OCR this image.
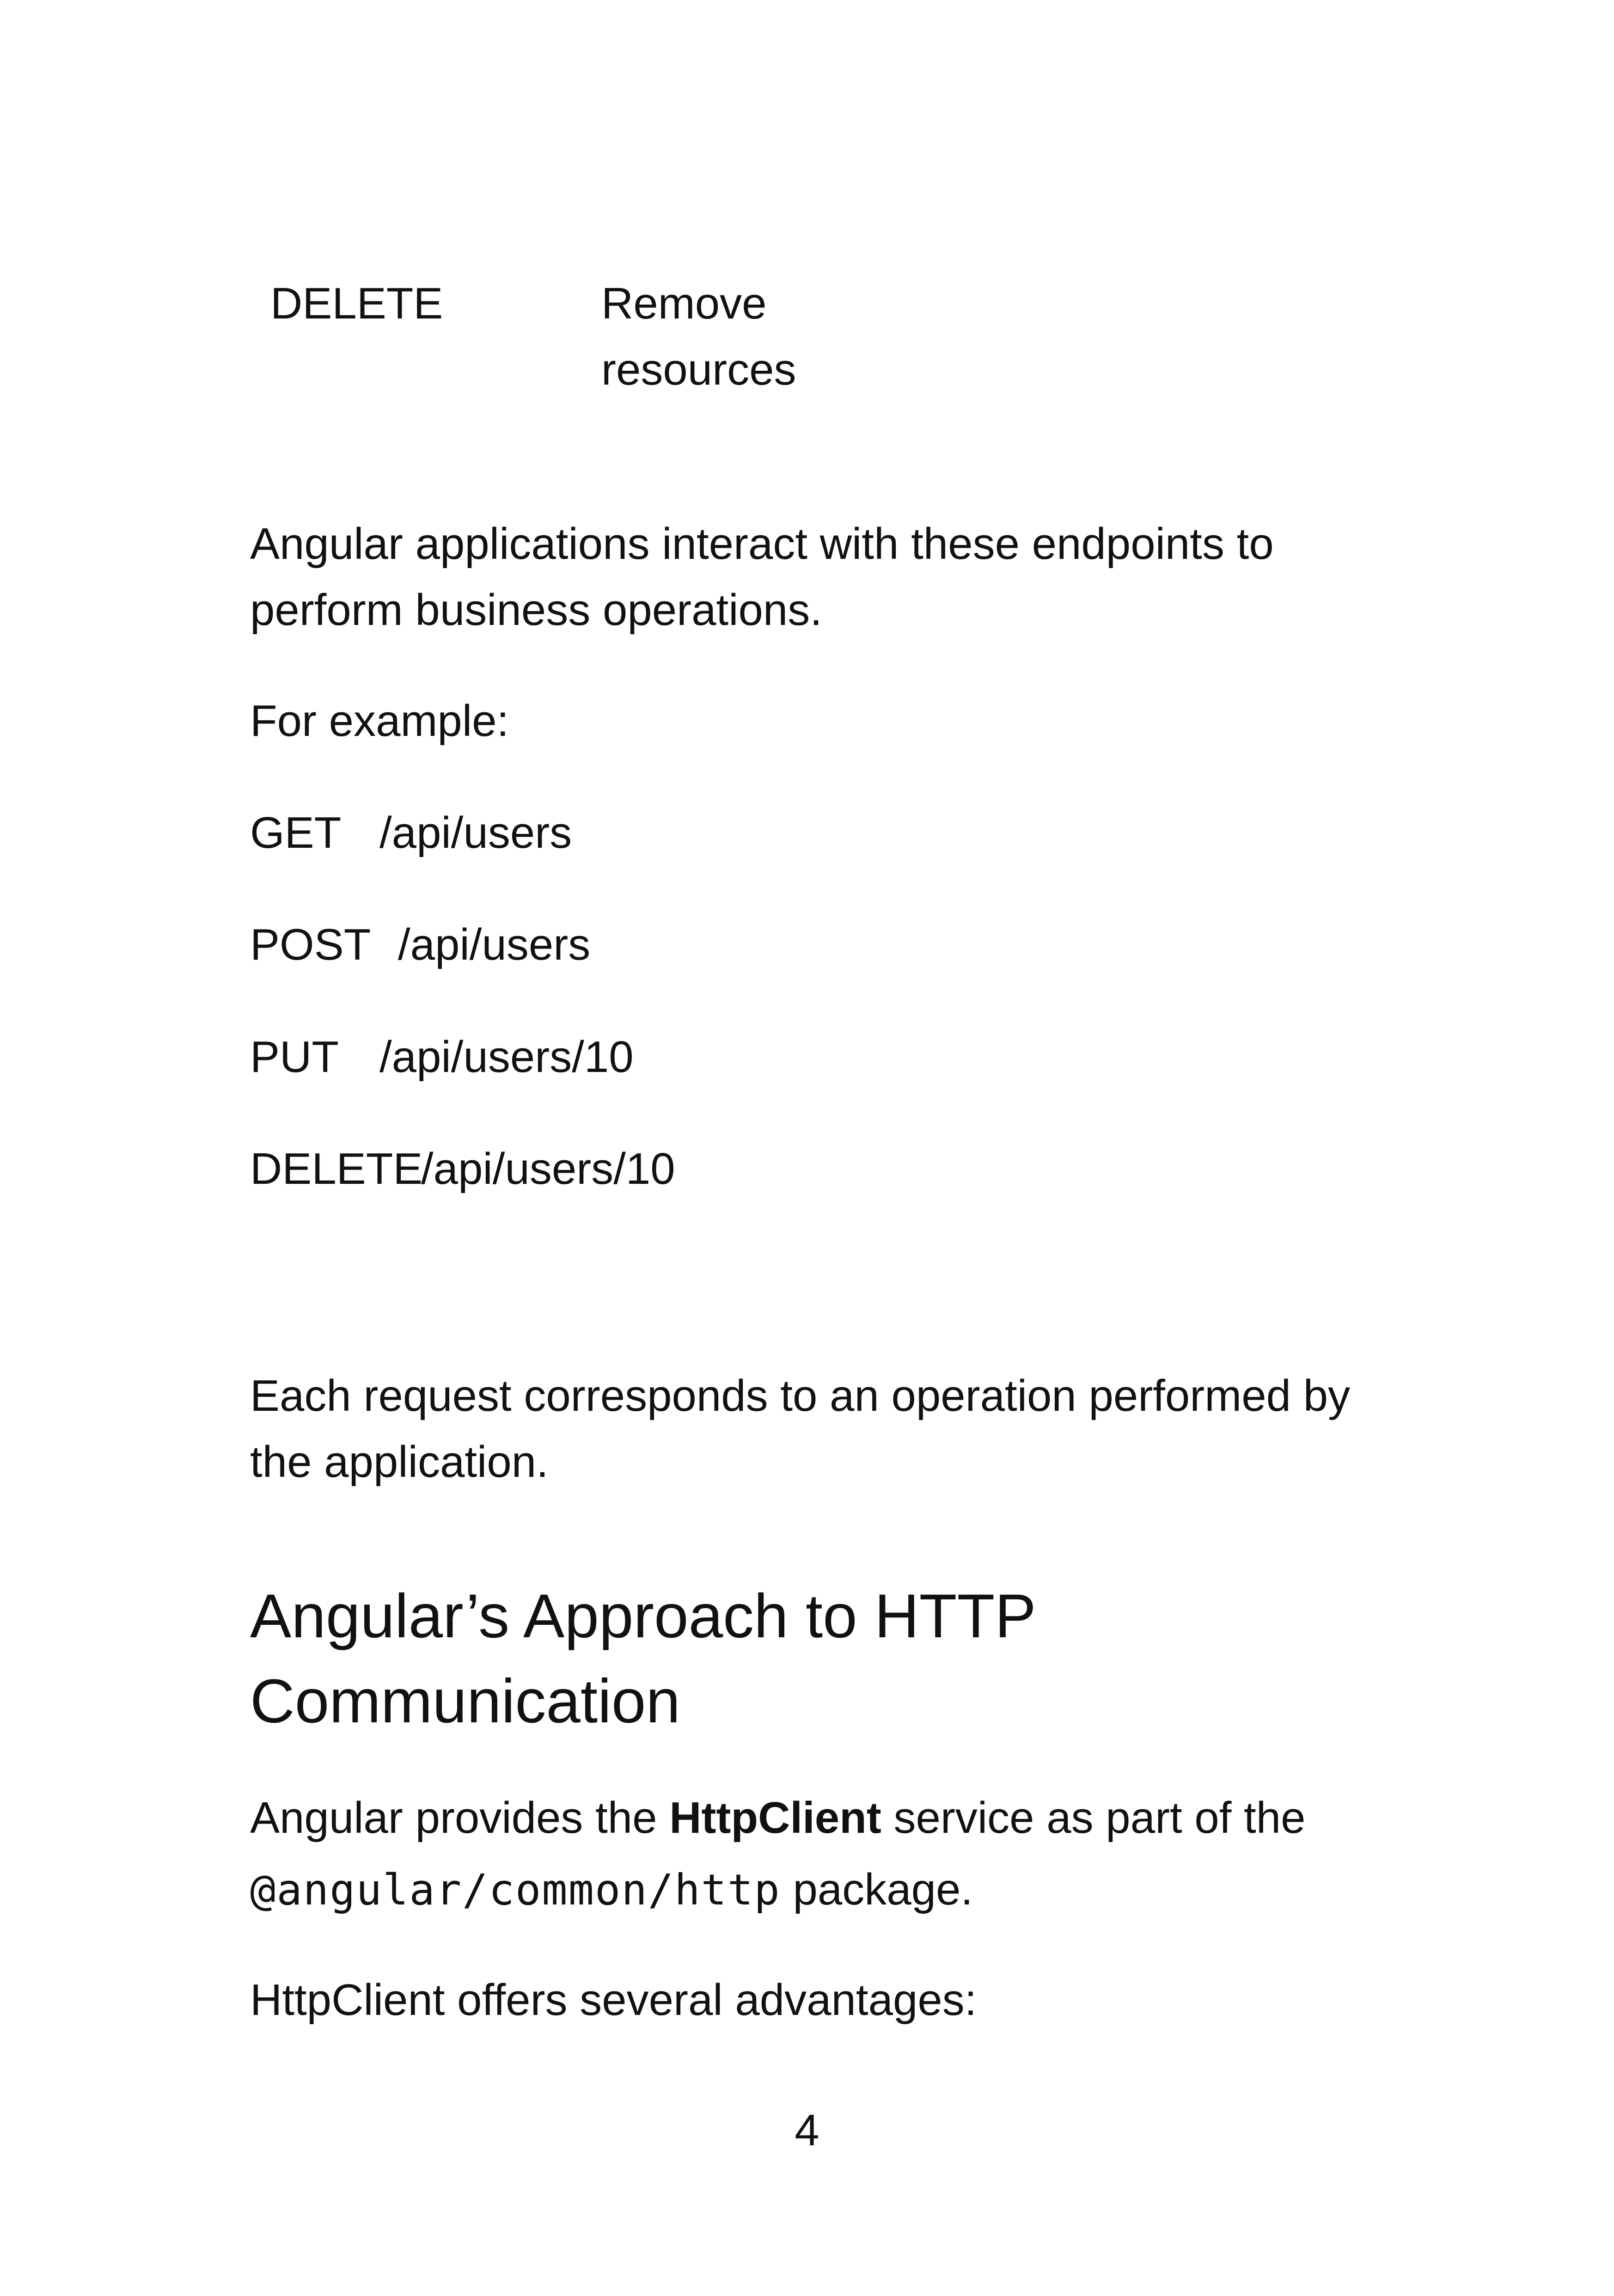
DELETE	Remove
resources

Angular applications interact with these endpoints to perform business operations.

For example:

GET /api/users
POST /api/users
PUT /api/users/10
DELETE/api/users/10

Each request corresponds to an operation performed by the application.

Angular’s Approach to HTTP Communication

Angular provides the HttpClient service as part of the @angular/common/http package.

HttpClient offers several advantages:

4
